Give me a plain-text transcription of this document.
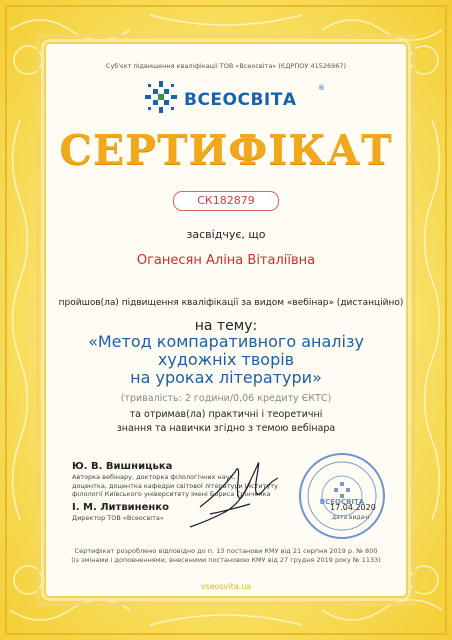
Суб'єкт підвищення кваліфікації ТОВ «Всеосвіта» (ЄДРПОУ 41526967)
ВСЕОСВІТА
®
СЕРТИФІКАТ
СК182879
засвідчує, що
Оганесян Аліна Віталіївна
пройшов(ла) підвищення кваліфікації за видом «вебінар» (дистанційно)
на тему:
«Метод компаративного аналізу
художніх творів
на уроках літератури»
(тривалість: 2 години/0,06 кредиту ЄКТС)
та отримав(ла) практичні і теоретичні
знання та навички згідно з темою вебінара
Ю. В. Вишницька
Авторка вебінару, докторка філологічних наук,
доцентка, доцентка кафедри світової літератури Інституту
філології Київського університету імені Бориса Грінченка
І. М. Литвиненко
Директор ТОВ «Всеосвіта»
ВСЕОСВІТА
17.04.2020
дата видачі
Сертифікат розроблено відповідно до п. 13 постанови КМУ від 21 серпня 2019 р. № 800
(із змінами і доповненнями, внесеними постановою КМУ від 27 грудня 2019 року № 1133)
vseosvita.ua
